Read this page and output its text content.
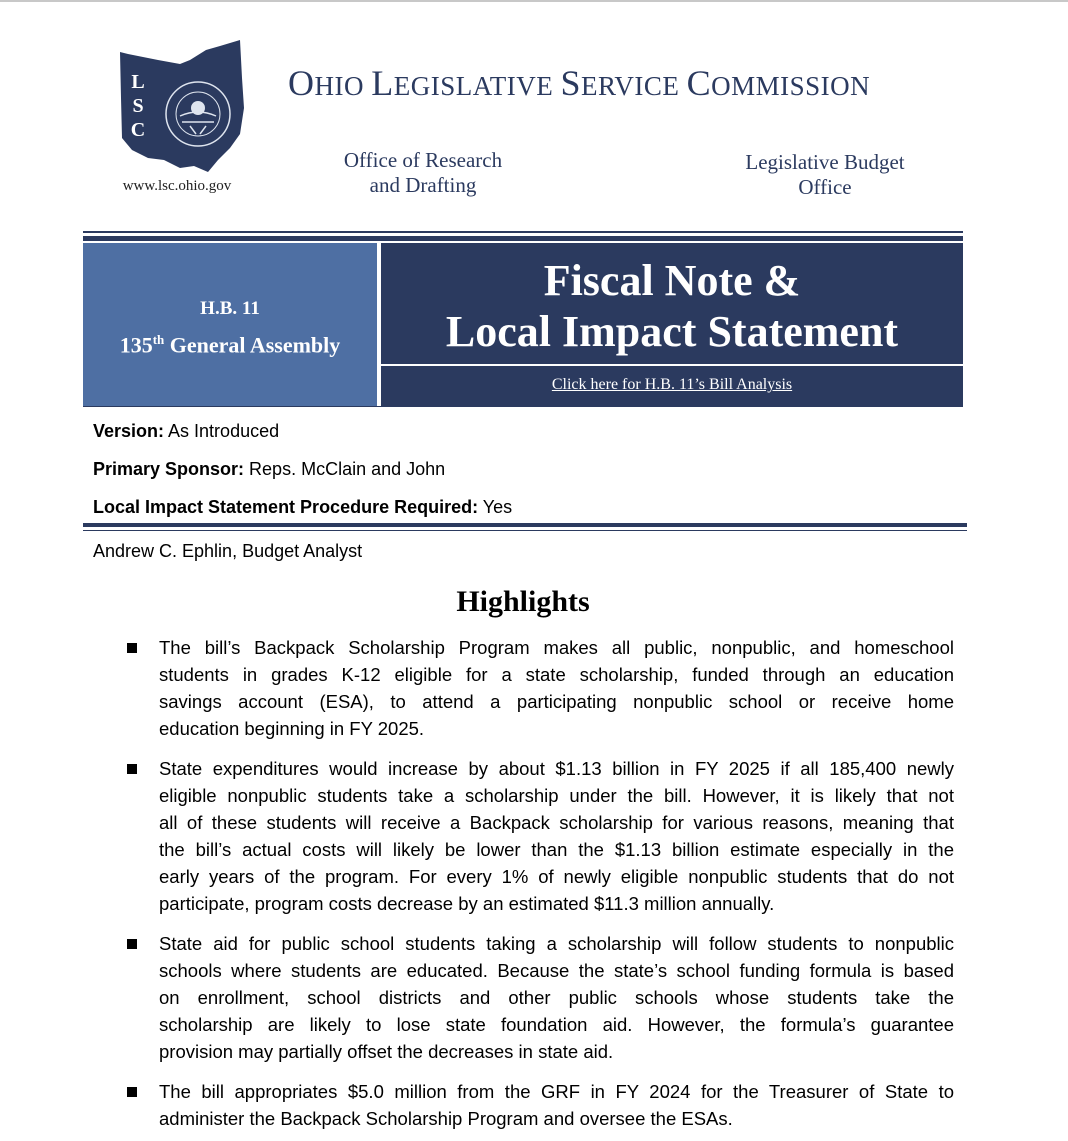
L
S
C
www.lsc.ohio.gov
OHIO LEGISLATIVE SERVICE COMMISSION
Office of Research
and Drafting
Legislative Budget
Office
H.B. 11
135th General Assembly
Fiscal Note &
Local Impact Statement
Click here for H.B. 11’s Bill Analysis
Version: As Introduced
Primary Sponsor: Reps. McClain and John
Local Impact Statement Procedure Required: Yes
Andrew C. Ephlin, Budget Analyst
Highlights
The bill’s Backpack Scholarship Program makes all public, nonpublic, and homeschool
students in grades K-12 eligible for a state scholarship, funded through an education
savings account (ESA), to attend a participating nonpublic school or receive home
education beginning in FY 2025.
State expenditures would increase by about $1.13 billion in FY 2025 if all 185,400 newly
eligible nonpublic students take a scholarship under the bill. However, it is likely that not
all of these students will receive a Backpack scholarship for various reasons, meaning that
the bill’s actual costs will likely be lower than the $1.13 billion estimate especially in the
early years of the program. For every 1% of newly eligible nonpublic students that do not
participate, program costs decrease by an estimated $11.3 million annually.
State aid for public school students taking a scholarship will follow students to nonpublic
schools where students are educated. Because the state’s school funding formula is based
on enrollment, school districts and other public schools whose students take the
scholarship are likely to lose state foundation aid. However, the formula’s guarantee
provision may partially offset the decreases in state aid.
The bill appropriates $5.0 million from the GRF in FY 2024 for the Treasurer of State to
administer the Backpack Scholarship Program and oversee the ESAs.
